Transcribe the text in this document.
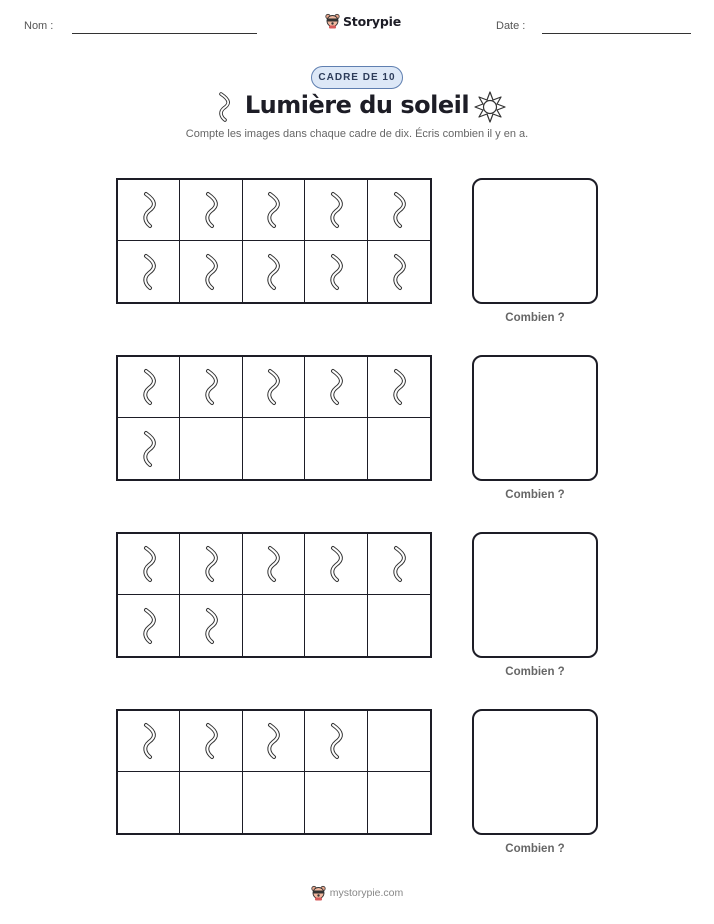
Nom :	Storypie	Date :
CADRE DE 10
Lumière du soleil
Compte les images dans chaque cadre de dix. Écris combien il y en a.
Combien ?
Combien ?
Combien ?
Combien ?
mystorypie.com
